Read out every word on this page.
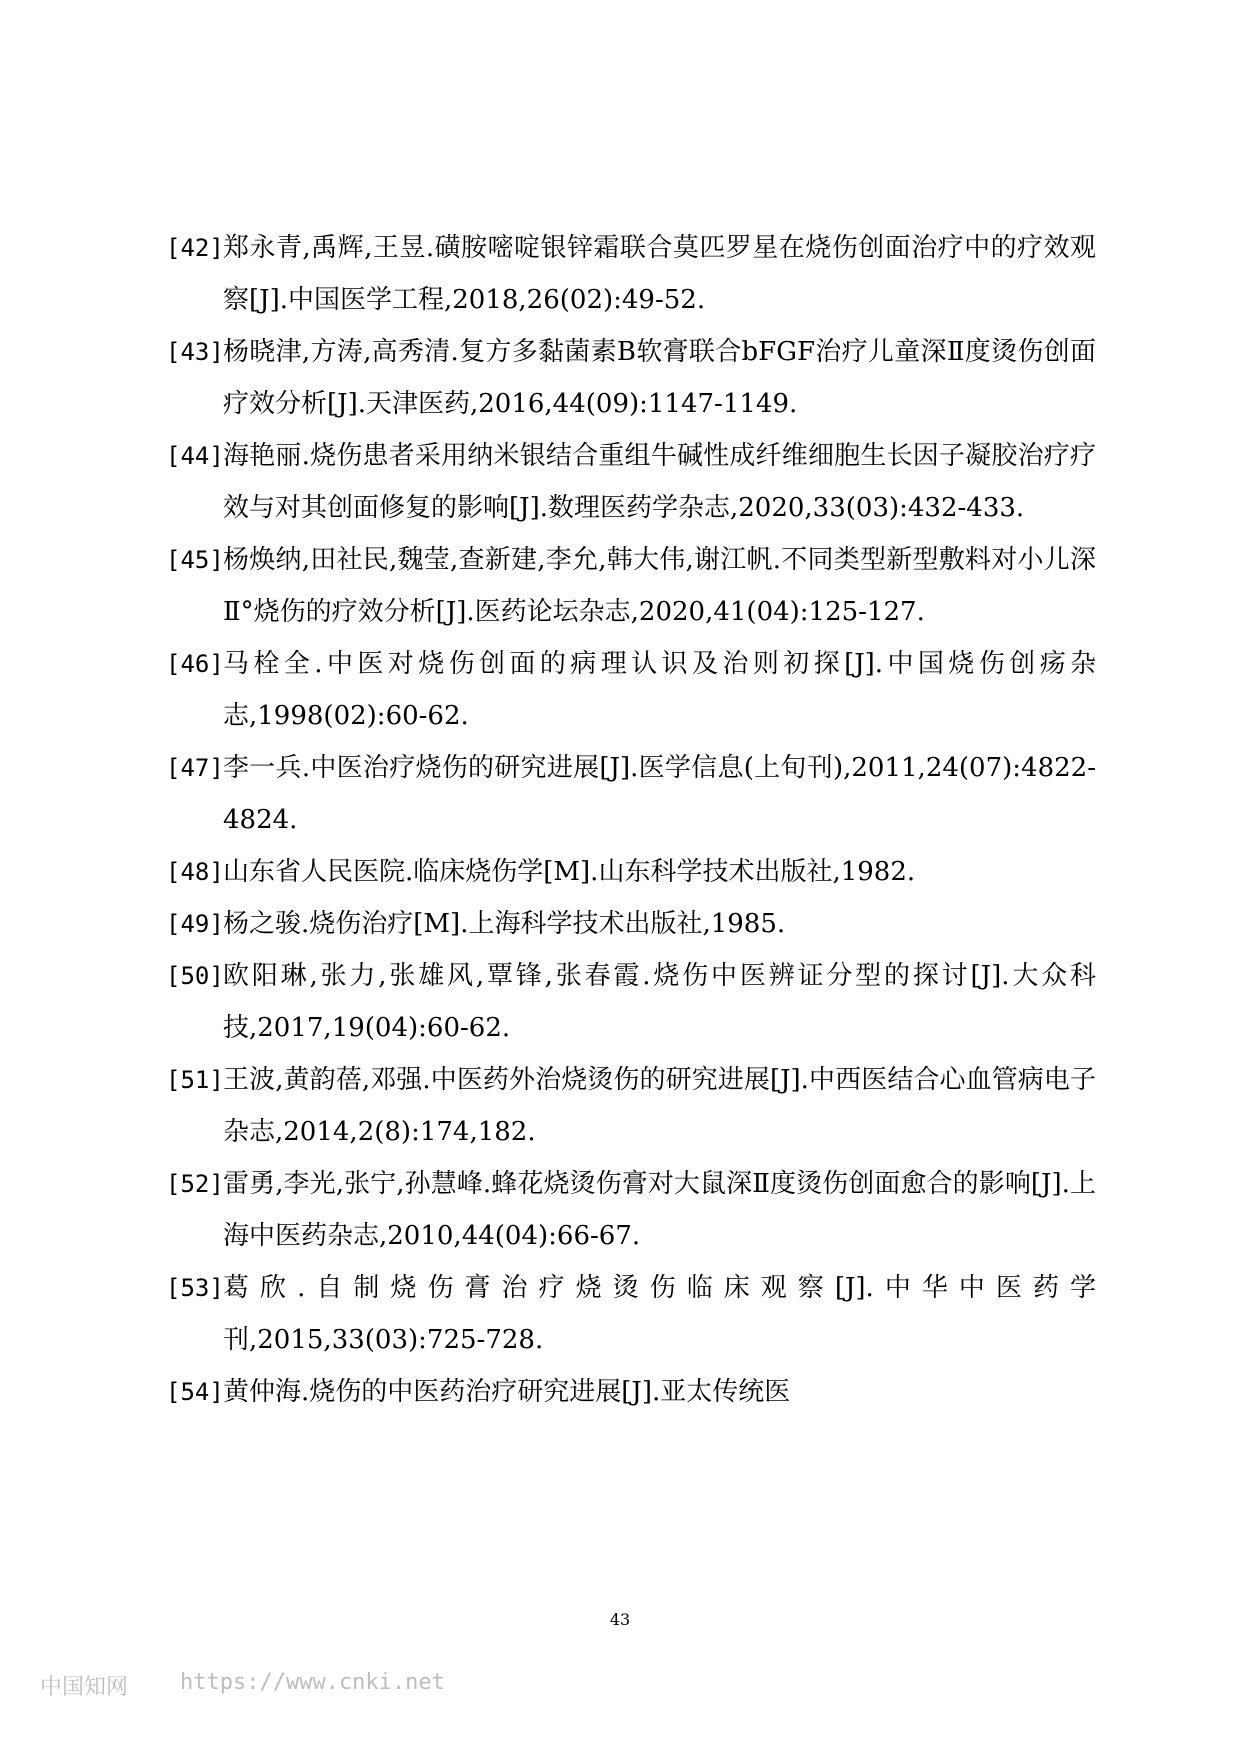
[42] 郑永青,禹辉,王昱.磺胺嘧啶银锌霜联合莫匹罗星在烧伤创面治疗中的疗效观察[J].中国医学工程,2018,26(02):49-52.

[43] 杨晓津,方涛,高秀清.复方多黏菌素B软膏联合bFGF治疗儿童深Ⅱ度烫伤创面疗效分析[J].天津医药,2016,44(09):1147-1149.

[44] 海艳丽.烧伤患者采用纳米银结合重组牛碱性成纤维细胞生长因子凝胶治疗疗效与对其创面修复的影响[J].数理医药学杂志,2020,33(03):432-433.

[45] 杨焕纳,田社民,魏莹,查新建,李允,韩大伟,谢江帆.不同类型新型敷料对小儿深Ⅱ°烧伤的疗效分析[J].医药论坛杂志,2020,41(04):125-127.

[46] 马栓全.中医对烧伤创面的病理认识及治则初探[J].中国烧伤创疡杂志,1998(02):60-62.

[47] 李一兵.中医治疗烧伤的研究进展[J].医学信息(上旬刊),2011,24(07):4822-4824.

[48] 山东省人民医院.临床烧伤学[M].山东科学技术出版社,1982.

[49] 杨之骏.烧伤治疗[M].上海科学技术出版社,1985.

[50] 欧阳琳,张力,张雄风,覃锋,张春霞.烧伤中医辨证分型的探讨[J].大众科技,2017,19(04):60-62.

[51] 王波,黄韵蓓,邓强.中医药外治烧烫伤的研究进展[J].中西医结合心血管病电子杂志,2014,2(8):174,182.

[52] 雷勇,李光,张宁,孙慧峰.蜂花烧烫伤膏对大鼠深Ⅱ度烫伤创面愈合的影响[J].上海中医药杂志,2010,44(04):66-67.

[53] 葛欣.自制烧伤膏治疗烧烫伤临床观察[J].中华中医药学刊,2015,33(03):725-728.

[54] 黄仲海.烧伤的中医药治疗研究进展[J].亚太传统医

43
中国知网 https://www.cnki.net
